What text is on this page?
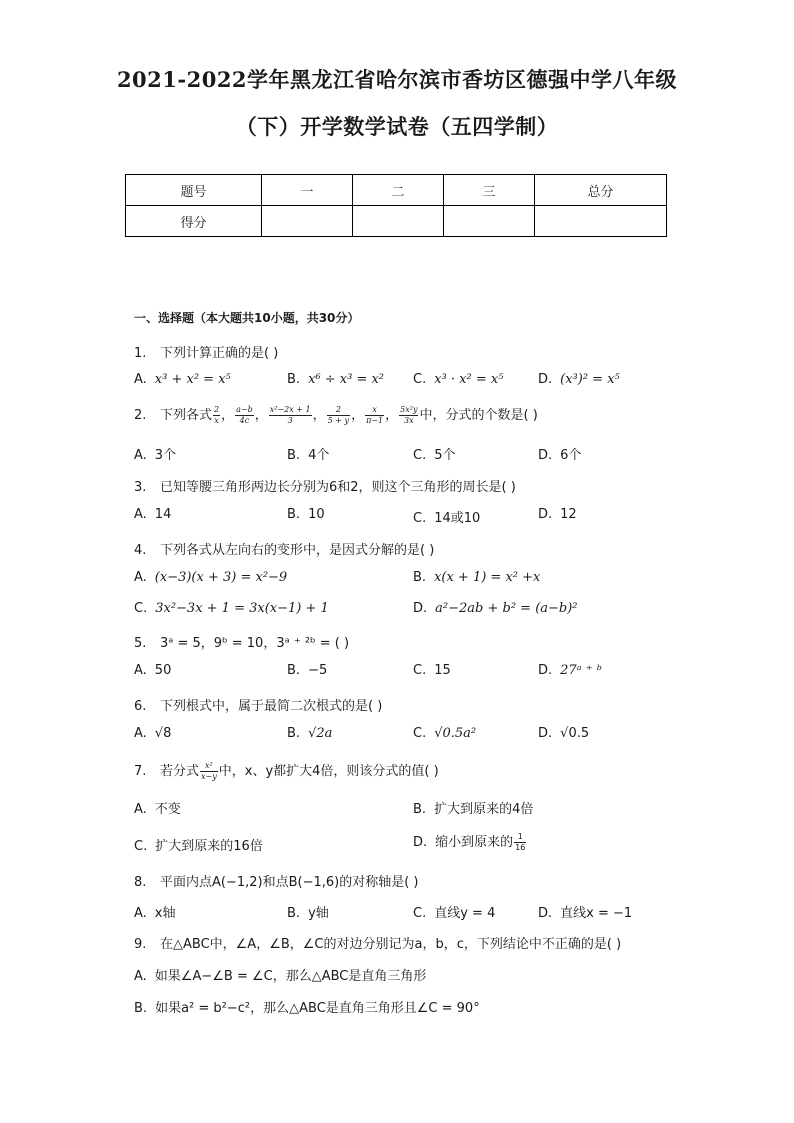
2021-2022学年黑龙江省哈尔滨市香坊区德强中学八年级
（下）开学数学试卷（五四学制）
题号	一	二	三	总分
得分				
一、选择题（本大题共10小题，共30分）
1. 下列计算正确的是( )
A. x³ + x² = x⁵	B. x⁶ ÷ x³ = x² C. x³ · x² = x⁵	D. (x³)² = x⁵
2. 下列各式 $\frac{2}{x}$ ， $\frac{a-b}{4c}$ ， $\frac{\text{x²−2x + 1}}{3}$ ， $\frac{2}{5 + y}$ ， $\frac{x}{\pi-1}$ ， $\frac{\text{5x²y}}{3x}$ 中，分式的个数是( )
A. 3个	B. 4个	C. 5个	D. 6个
3. 已知等腰三角形两边长分别为6和2，则这个三角形的周长是( )
A. 14	B. 10	C. 14或10	D. 12
4. 下列各式从左向右的变形中，是因式分解的是( )
A. (x−3)(x + 3) = x²−9	B. x(x + 1) = x² +x
C. 3x²−3x + 1 = 3x(x−1) + 1	D. a²−2ab + b² = (a−b)²
5. 3ᵃ = 5，9ᵇ = 10，3ᵃ ⁺ ²ᵇ = ( )
A. 50	B. −5	C. 15	D. 27ᵃ ⁺ ᵇ
6. 下列根式中，属于最简二次根式的是( )
A. √8	B. √2a	C. √0.5a²	D. √0.5
7. 若分式 $\frac{\text{x²}}{x-y}$ 中，x、y都扩大4倍，则该分式的值( )
A. 不变	B. 扩大到原来的4倍
C. 扩大到原来的16倍	D. 缩小到原来的 $\frac{1}{16}$
8. 平面内点A(−1,2)和点B(−1,6)的对称轴是( )
A. x轴	B. y轴	C. 直线y = 4	D. 直线x = −1
9. 在△ABC中，∠A，∠B，∠C的对边分别记为a，b，c，下列结论中不正确的是( )
A. 如果∠A−∠B = ∠C，那么△ABC是直角三角形
B. 如果a² = b²−c²，那么△ABC是直角三角形且∠C = 90°
